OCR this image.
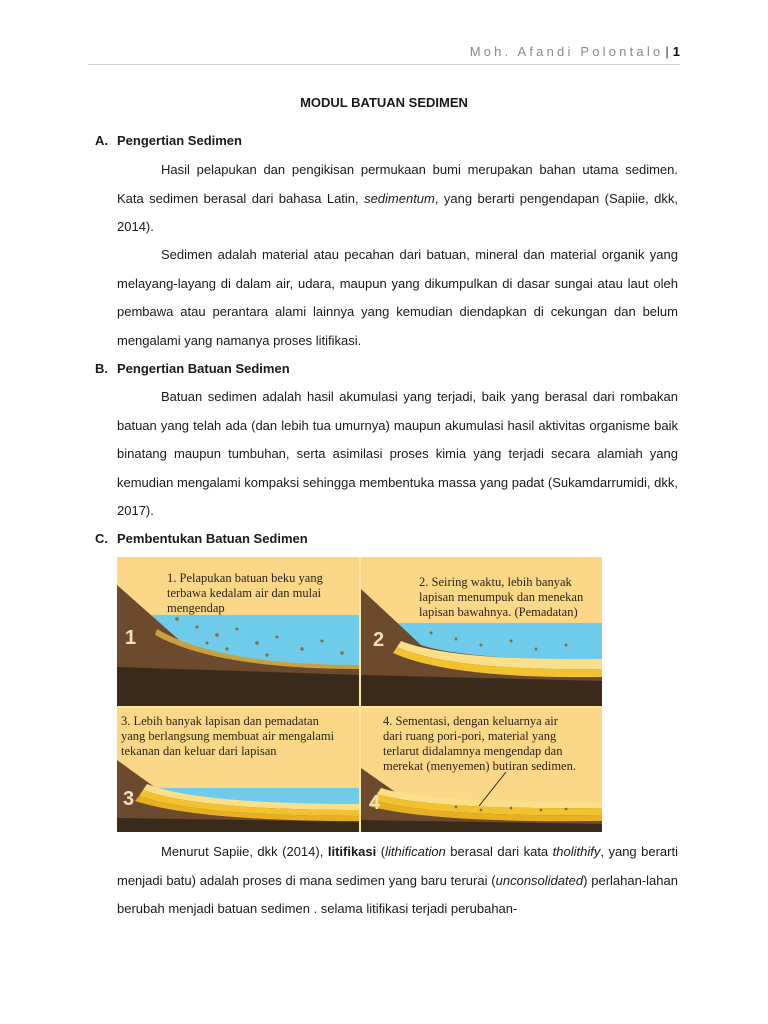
Moh. Afandi Polontalo | 1
MODUL BATUAN SEDIMEN
A. Pengertian Sedimen

Hasil pelapukan dan pengikisan permukaan bumi merupakan bahan utama sedimen. Kata sedimen berasal dari bahasa Latin, sedimentum, yang berarti pengendapan (Sapiie, dkk, 2014).

Sedimen adalah material atau pecahan dari batuan, mineral dan material organik yang melayang-layang di dalam air, udara, maupun yang dikumpulkan di dasar sungai atau laut oleh pembawa atau perantara alami lainnya yang kemudian diendapkan di cekungan dan belum mengalami yang namanya proses litifikasi.

B. Pengertian Batuan Sedimen

Batuan sedimen adalah hasil akumulasi yang terjadi, baik yang berasal dari rombakan batuan yang telah ada (dan lebih tua umurnya) maupun akumulasi hasil aktivitas organisme baik binatang maupun tumbuhan, serta asimilasi proses kimia yang terjadi secara alamiah yang kemudian mengalami kompaksi sehingga membentuka massa yang padat (Sukamdarrumidi, dkk, 2017).

C. Pembentukan Batuan Sedimen
1. Pelapukan batuan beku yang
terbawa kedalam air dan mulai
mengendap
1
2. Seiring waktu, lebih banyak
lapisan menumpuk dan menekan
lapisan bawahnya. (Pemadatan)
2
3. Lebih banyak lapisan dan pemadatan
yang berlangsung membuat air mengalami
tekanan dan keluar dari lapisan
3
4. Sementasi, dengan keluarnya air
dari ruang pori-pori, material yang
terlarut didalamnya mengendap dan
merekat (menyemen) butiran sedimen.
4

Menurut Sapiie, dkk (2014), litifikasi (lithification berasal dari kata tholithify, yang berarti menjadi batu) adalah proses di mana sedimen yang baru terurai (unconsolidated) perlahan-lahan berubah menjadi batuan sedimen . selama litifikasi terjadi perubahan-
